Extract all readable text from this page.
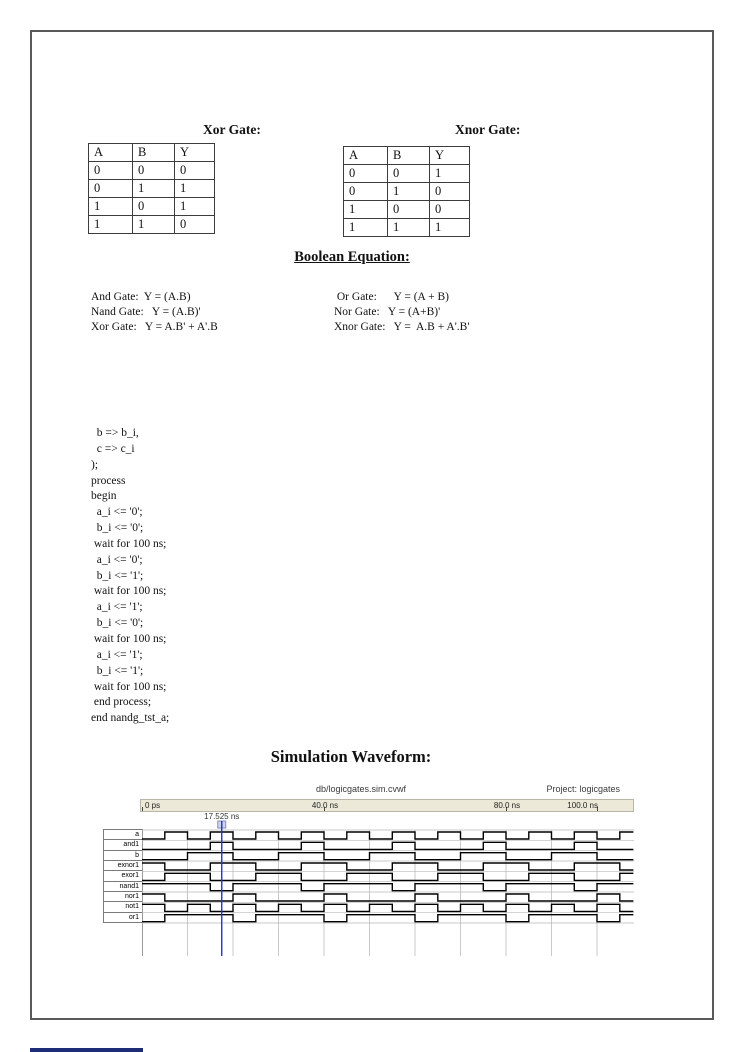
Xor Gate:	Xnor Gate:
A	B	Y
0	0	0
0	1	1
1	0	1
1	1	0
A	B	Y
0	0	1
0	1	0
1	0	0
1	1	1
Boolean Equation:
And Gate:  Y = (A.B)
Nand Gate:   Y = (A.B)'
Xor Gate:   Y = A.B' + A'.B
Or Gate:      Y = (A + B)
Nor Gate:   Y = (A+B)'
Xnor Gate:   Y =  A.B + A'.B'
b => b_i,
c => c_i
);
process
begin
a_i <= '0';
b_i <= '0';
wait for 100 ns;
a_i <= '0';
b_i <= '1';
wait for 100 ns;
a_i <= '1';
b_i <= '0';
wait for 100 ns;
a_i <= '1';
b_i <= '1';
wait for 100 ns;
end process;
end nandg_tst_a;
Simulation Waveform:
db/logicgates.sim.cvwf	Project: logicgates
0 ps	40.0 ns	80.0 ns	100.0 ns
17.525 ns
a
and1
b
exnor1
exor1
nand1
nor1
not1
or1
